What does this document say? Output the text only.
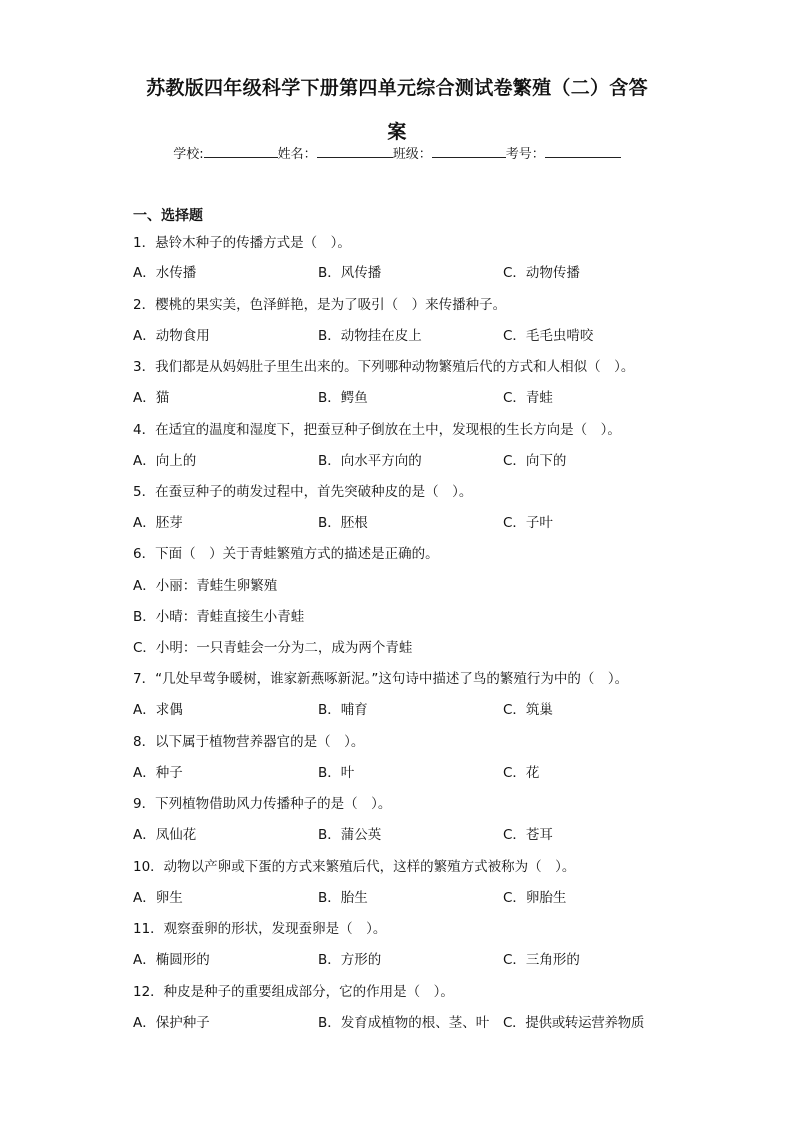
苏教版四年级科学下册第四单元综合测试卷繁殖（二）含答
案
学校:	姓名：	班级：	考号：
一、选择题
1．悬铃木种子的传播方式是（　）。
A．水传播	B．风传播	C．动物传播
2．樱桃的果实美，色泽鲜艳，是为了吸引（　）来传播种子。
A．动物食用	B．动物挂在皮上	C．毛毛虫啃咬
3．我们都是从妈妈肚子里生出来的。下列哪种动物繁殖后代的方式和人相似（　）。
A．猫	B．鳄鱼	C．青蛙
4．在适宜的温度和湿度下，把蚕豆种子倒放在土中，发现根的生长方向是（　）。
A．向上的	B．向水平方向的	C．向下的
5．在蚕豆种子的萌发过程中，首先突破种皮的是（　）。
A．胚芽	B．胚根	C．子叶
6．下面（　）关于青蛙繁殖方式的描述是正确的。
A．小丽：青蛙生卵繁殖
B．小晴：青蛙直接生小青蛙
C．小明：一只青蛙会一分为二，成为两个青蛙
7．“几处早莺争暖树，谁家新燕啄新泥。”这句诗中描述了鸟的繁殖行为中的（　）。
A．求偶	B．哺育	C．筑巢
8．以下属于植物营养器官的是（　）。
A．种子	B．叶	C．花
9．下列植物借助风力传播种子的是（　）。
A．凤仙花	B．蒲公英	C．苍耳
10．动物以产卵或下蛋的方式来繁殖后代，这样的繁殖方式被称为（　）。
A．卵生	B．胎生	C．卵胎生
11．观察蚕卵的形状，发现蚕卵是（　）。
A．椭圆形的	B．方形的	C．三角形的
12．种皮是种子的重要组成部分，它的作用是（　）。
A．保护种子	B．发育成植物的根、茎、叶 C．提供或转运营养物质
